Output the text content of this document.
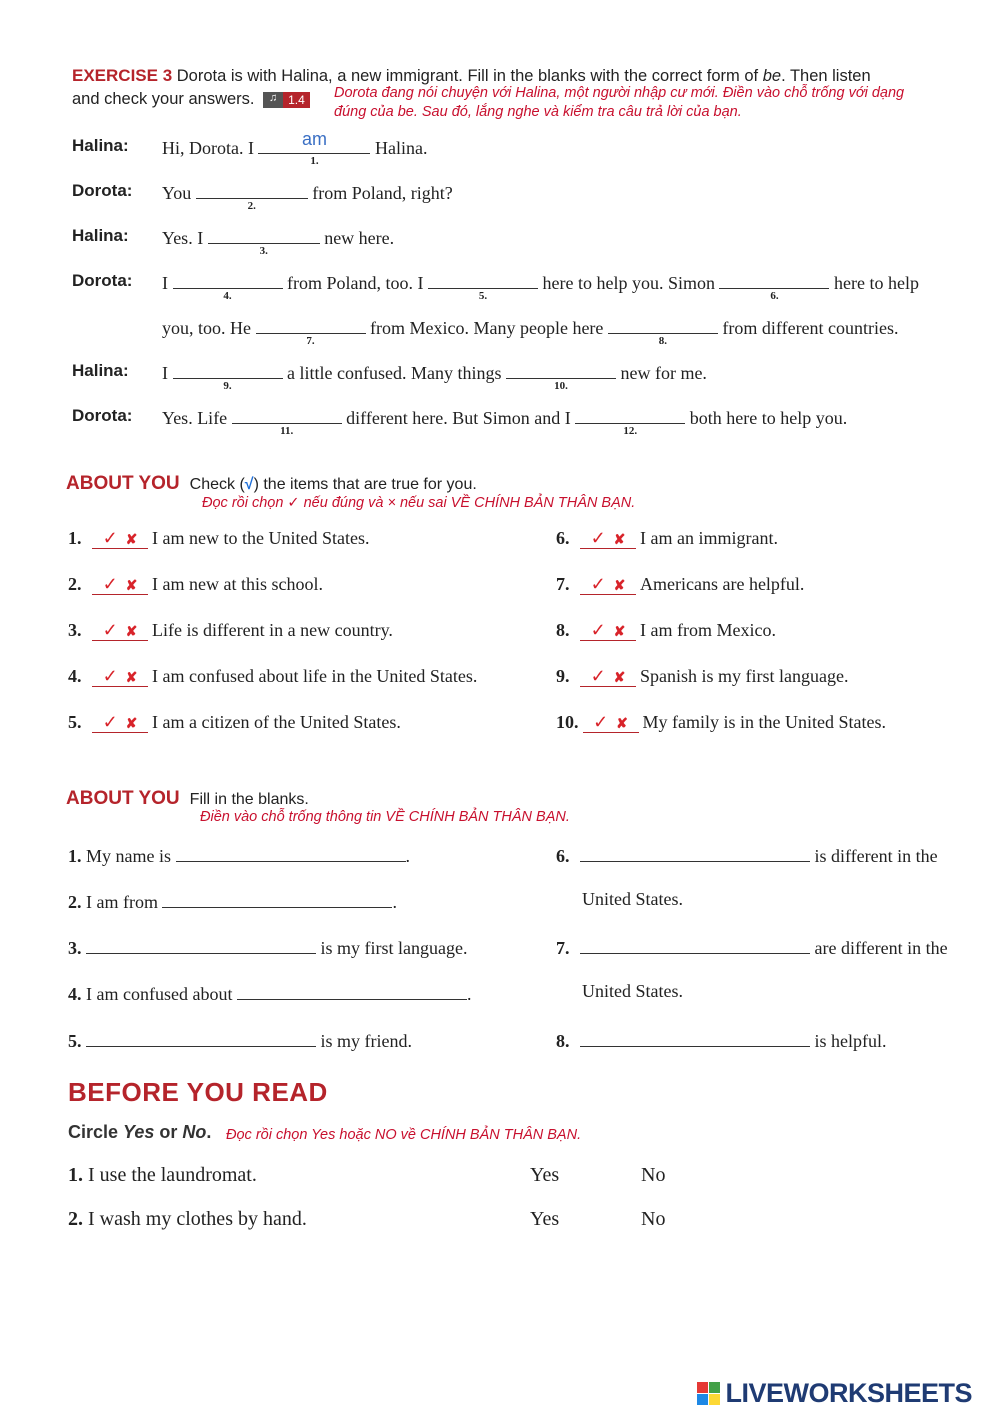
EXERCISE 3 Dorota is with Halina, a new immigrant. Fill in the blanks with the correct form of be. Then listen
and check your answers. ♫ 1.4	Dorota đang nói chuyện với Halina, một người nhập cư mới. Điền vào chỗ trống với dạng
đúng của be. Sau đó, lắng nghe và kiểm tra câu trả lời của bạn.
Halina: Hi, Dorota. I	am
1.
Halina.
Dorota: You
2.
from Poland, right?
Halina: Yes. I
3.
new here.
Dorota: I
4.
from Poland, too. I
5.
here to help you. Simon
6.
here to help
you, too. He
7.
from Mexico. Many people here
8.
from different countries.
Halina: I
9.
a little confused. Many things
10.
new for me.
Dorota: Yes. Life
11.
different here. But Simon and I
12.
both here to help you.
ABOUT YOU Check (√) the items that are true for you.
Đọc rồi chọn ✓ nếu đúng và × nếu sai VỀ CHÍNH BẢN THÂN BẠN.
1. ✓ ✘ I am new to the United States.
2. ✓ ✘ I am new at this school.
3. ✓ ✘ Life is different in a new country.
4. ✓ ✘ I am confused about life in the United States.
5. ✓ ✘ I am a citizen of the United States.
6. ✓ ✘ I am an immigrant.
7. ✓ ✘ Americans are helpful.
8. ✓ ✘ I am from Mexico.
9. ✓ ✘ Spanish is my first language.
10. ✓ ✘ My family is in the United States.
ABOUT YOU Fill in the blanks.
Điền vào chỗ trống thông tin VỀ CHÍNH BẢN THÂN BẠN.
1. My name is	.
2. I am from	.
3.	is my first language.
4. I am confused about	.
5.	is my friend.
6.	is different in the
United States.
7.	are different in the
United States.
8.	is helpful.
BEFORE YOU READ
Circle Yes or No. Đọc rồi chọn Yes hoặc NO về CHÍNH BẢN THÂN BẠN.
1. I use the laundromat.	Yes	No
2. I wash my clothes by hand.	Yes	No
LIVEWORKSHEETS
